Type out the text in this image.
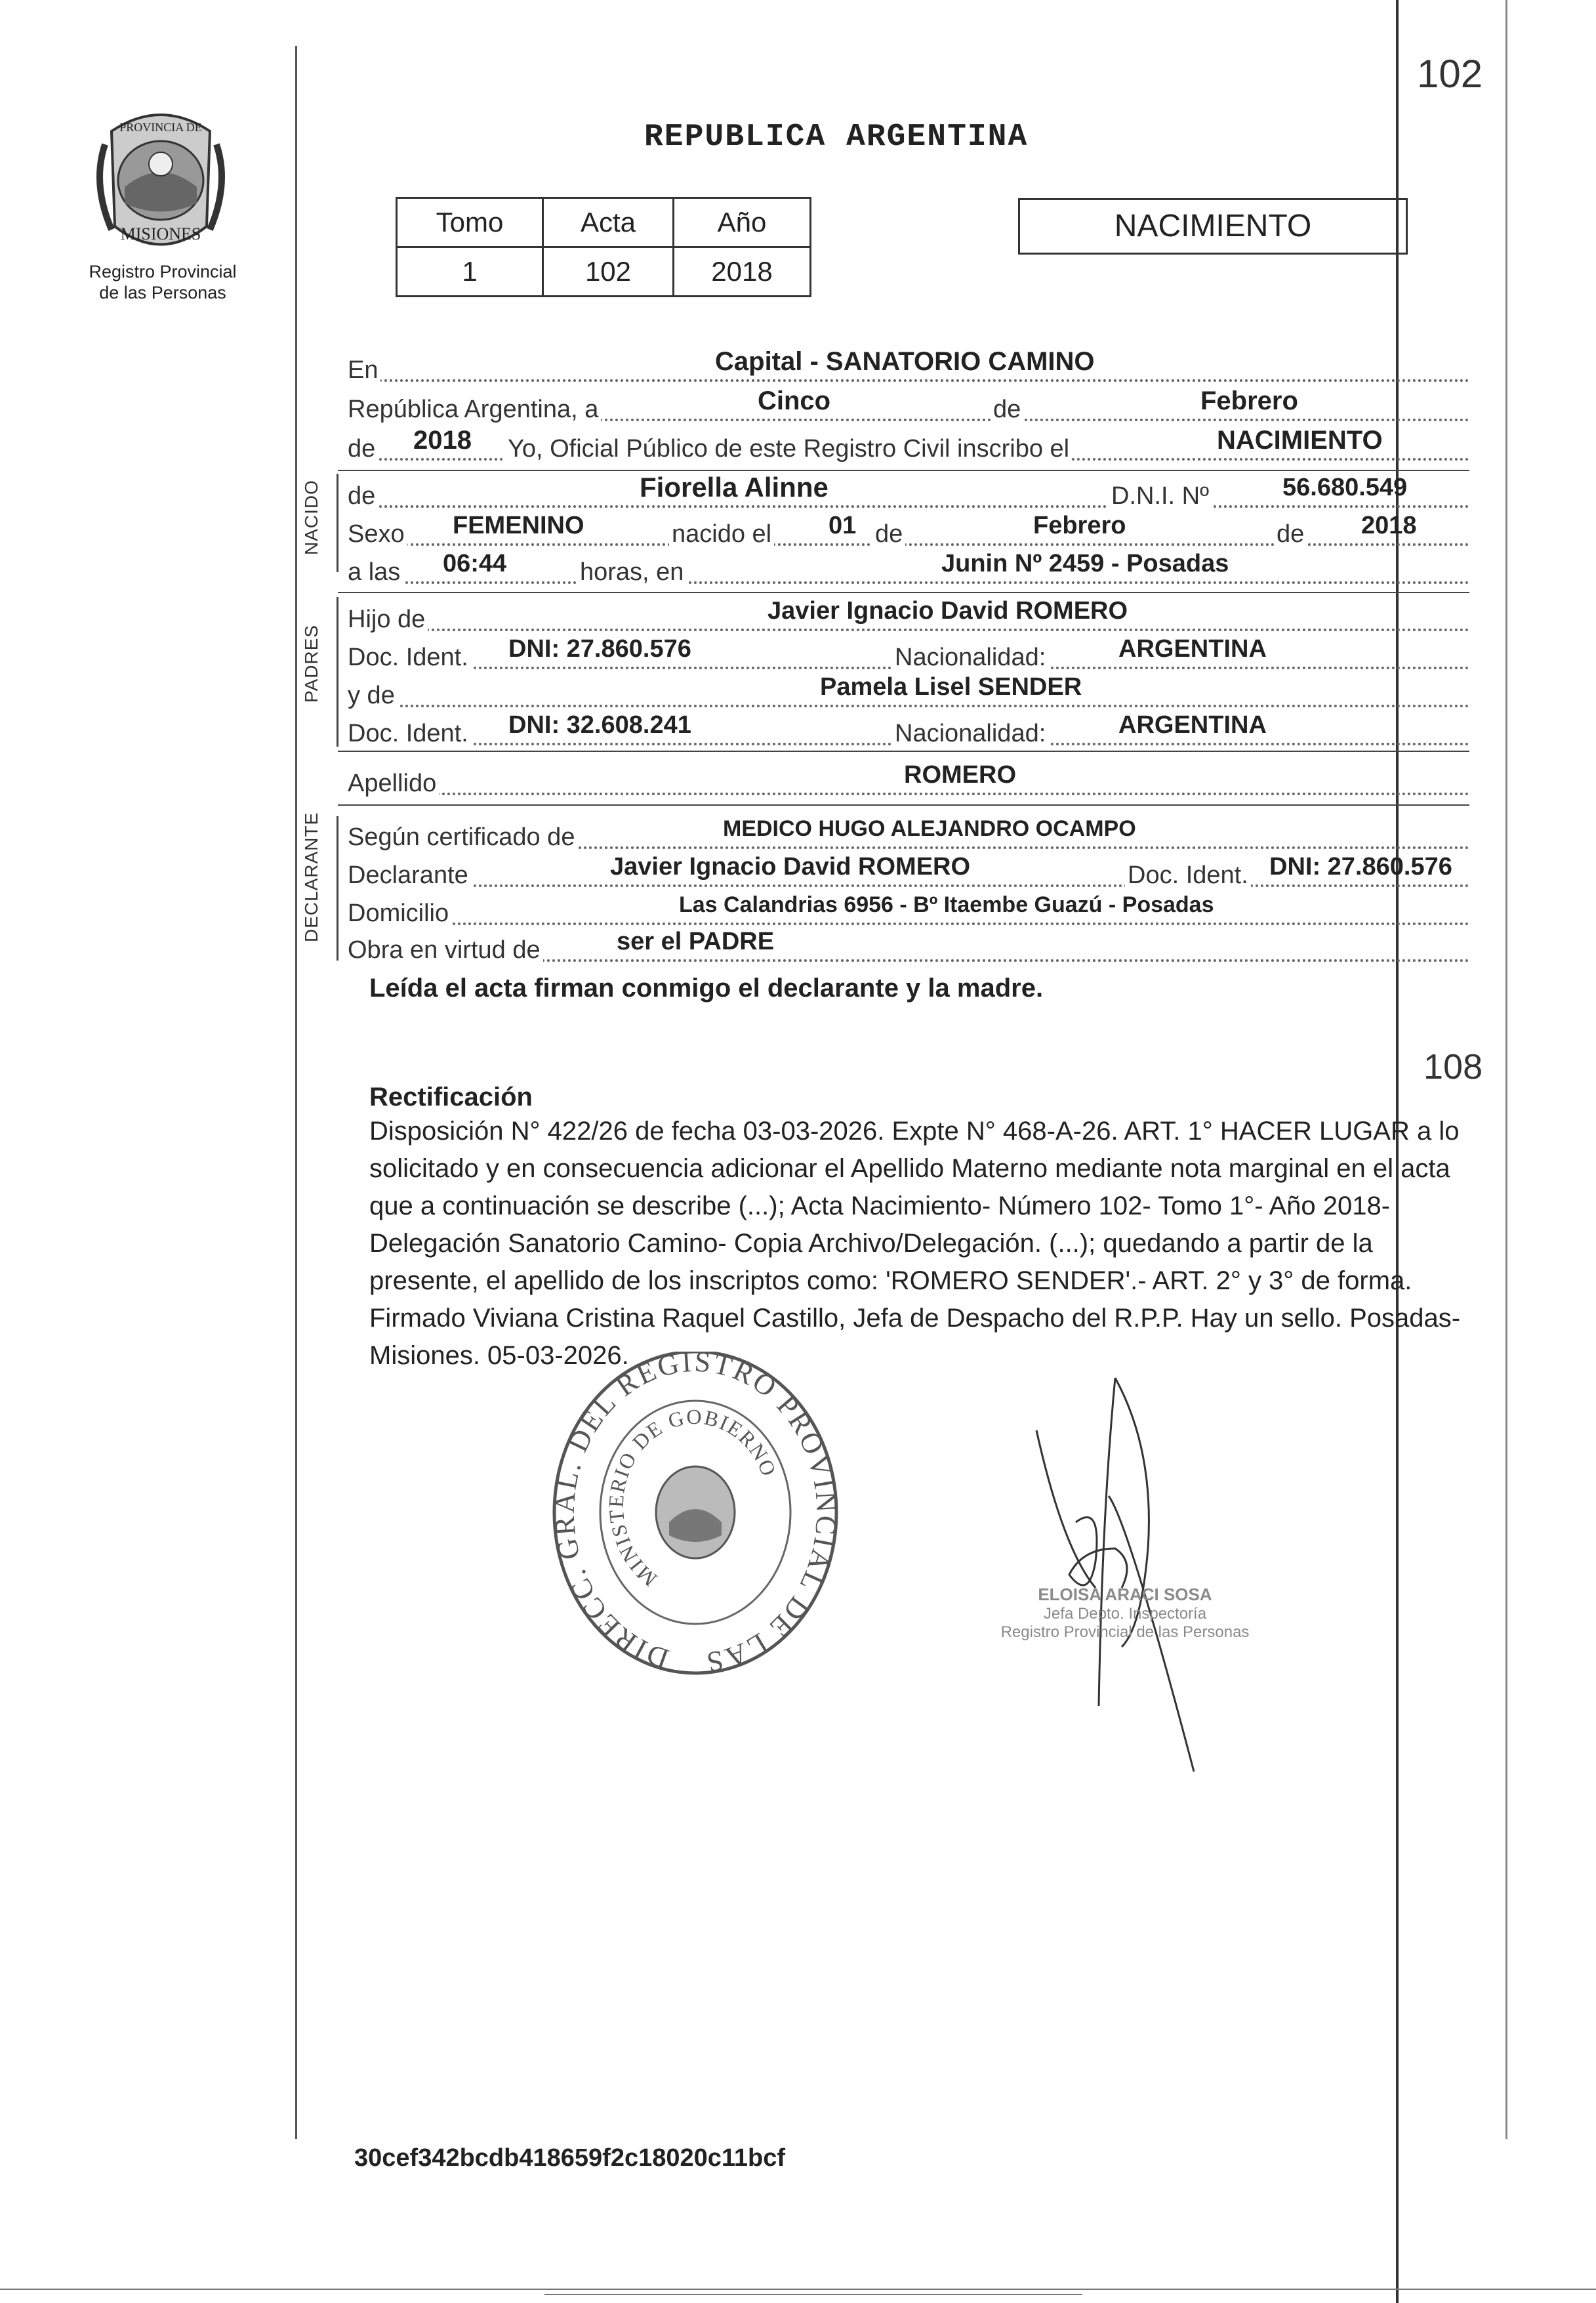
PROVINCIA DE
MISIONES
Registro Provincial
de las Personas
102
REPUBLICA ARGENTINA
Tomo	Acta	Año
1	102	2018
NACIMIENTO
En	Capital - SANATORIO CAMINO
República Argentina, a	Cinco	de	Febrero
de 2018 Yo, Oficial Público de este Registro Civil inscribo el	NACIMIENTO
NACIDO de	Fiorella Alinne	D.N.I. Nº	56.680.549
Sexo FEMENINO	nacido el 01 de	Febrero	de 2018
a las 06:44	horas, en	Junin Nº 2459 - Posadas
PADRES
Hijo de	Javier Ignacio David ROMERO
Doc. Ident. DNI: 27.860.576	Nacionalidad:	ARGENTINA
y de	Pamela Lisel SENDER
Doc. Ident. DNI: 32.608.241	Nacionalidad:	ARGENTINA
Apellido	ROMERO
DECLARANTE Según certificado de	MEDICO HUGO ALEJANDRO OCAMPO
Declarante	Javier Ignacio David ROMERO	Doc. Ident. DNI: 27.860.576
Domicilio	Las Calandrias 6956 - Bº Itaembe Guazú - Posadas
Obra en virtud de	ser el PADRE
Leída el acta firman conmigo el declarante y la madre.
108
Rectificación
Disposición N° 422/26 de fecha 03-03-2026. Expte N° 468-A-26. ART. 1° HACER LUGAR a lo solicitado y en consecuencia adicionar el Apellido Materno mediante nota marginal en el acta que a continuación se describe (...); Acta Nacimiento- Número 102- Tomo 1°- Año 2018- Delegación Sanatorio Camino- Copia Archivo/Delegación. (...); quedando a partir de la presente, el apellido de los inscriptos como: 'ROMERO SENDER'.- ART. 2° y 3° de forma. Firmado Viviana Cristina Raquel Castillo, Jefa de Despacho del R.P.P. Hay un sello. Posadas- Misiones. 05-03-2026.
DIRECC. GRAL. DEL REGISTRO PROVINCIAL DE LAS
MINISTERIO DE GOBIERNO
ELOISA ARACI SOSA
Jefa Depto. Inspectoría
Registro Provincial de las Personas
30cef342bcdb418659f2c18020c11bcf
